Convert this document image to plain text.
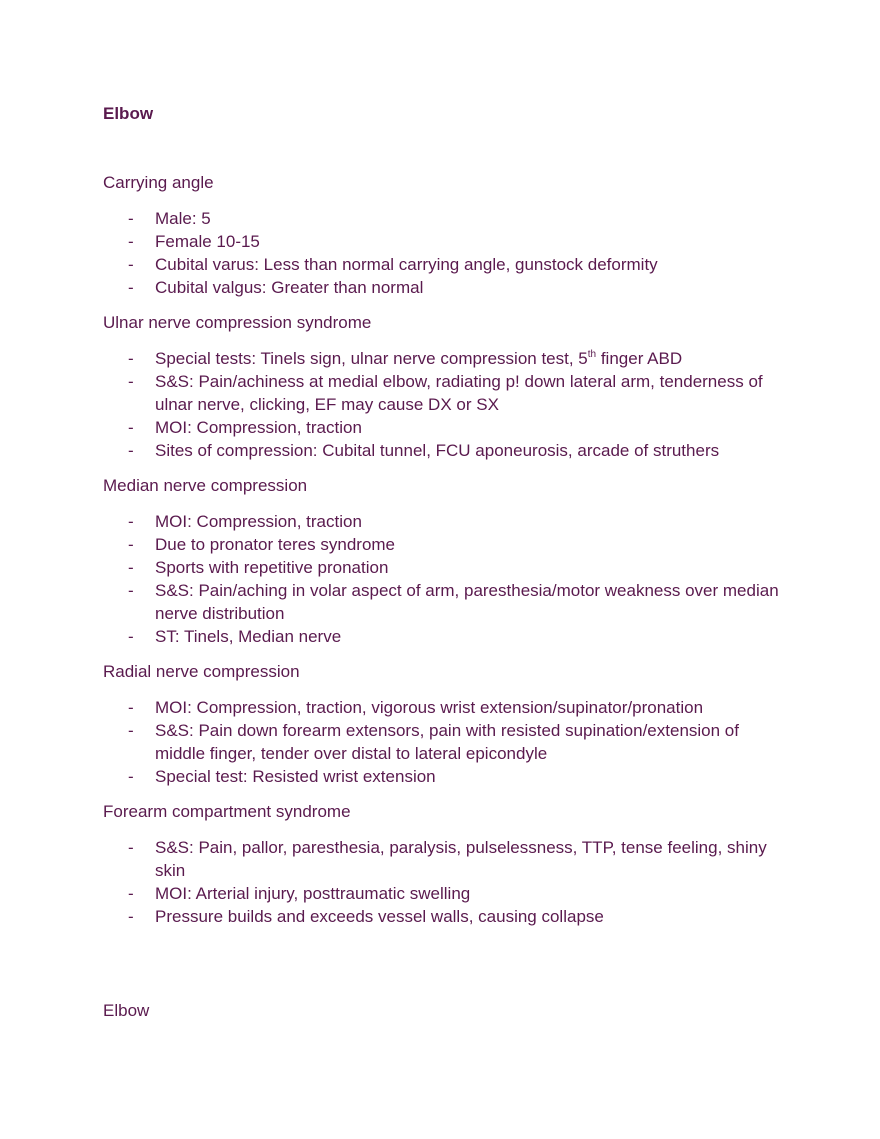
Elbow

Carrying angle

- Male: 5
- Female 10-15
- Cubital varus: Less than normal carrying angle, gunstock deformity
- Cubital valgus: Greater than normal

Ulnar nerve compression syndrome

- Special tests: Tinels sign, ulnar nerve compression test, 5th finger ABD
- S&S: Pain/achiness at medial elbow, radiating p! down lateral arm, tenderness of ulnar nerve, clicking, EF may cause DX or SX
- MOI: Compression, traction
- Sites of compression: Cubital tunnel, FCU aponeurosis, arcade of struthers

Median nerve compression

- MOI: Compression, traction
- Due to pronator teres syndrome
- Sports with repetitive pronation
- S&S: Pain/aching in volar aspect of arm, paresthesia/motor weakness over median nerve distribution
- ST: Tinels, Median nerve

Radial nerve compression

- MOI: Compression, traction, vigorous wrist extension/supinator/pronation
- S&S: Pain down forearm extensors, pain with resisted supination/extension of middle finger, tender over distal to lateral epicondyle
- Special test: Resisted wrist extension

Forearm compartment syndrome

- S&S: Pain, pallor, paresthesia, paralysis, pulselessness, TTP, tense feeling, shiny skin
- MOI: Arterial injury, posttraumatic swelling
- Pressure builds and exceeds vessel walls, causing collapse

Elbow
